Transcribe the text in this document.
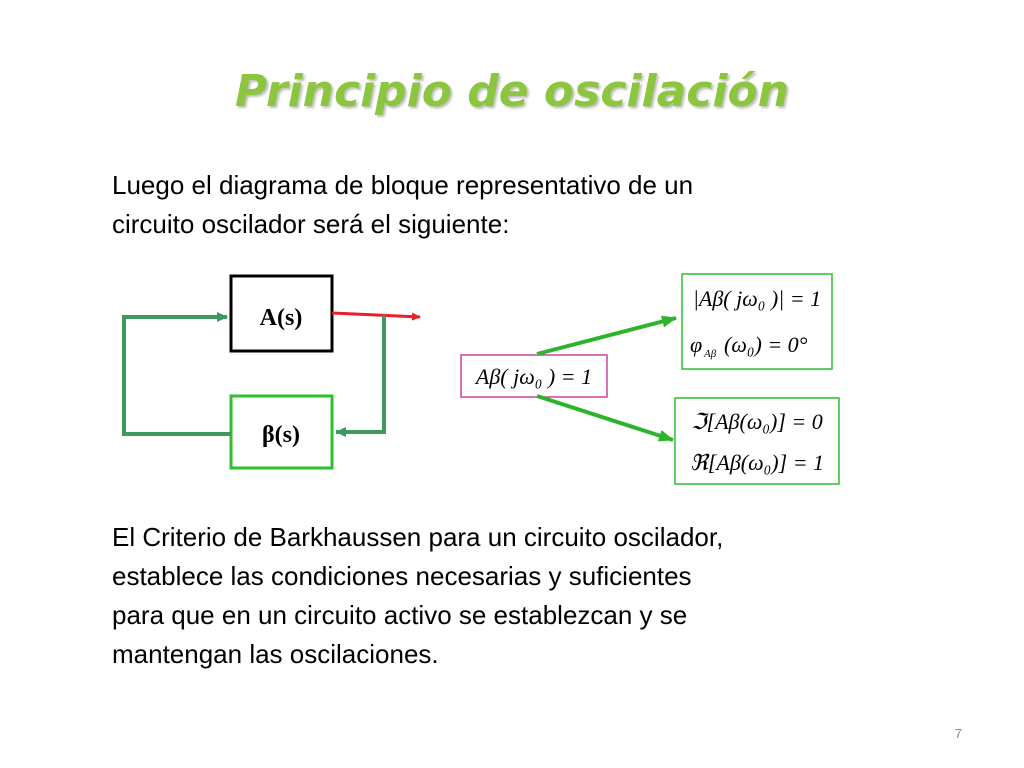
Principio de oscilación
Luego el diagrama de bloque representativo de un
circuito oscilador será el siguiente:
A(s)
β(s)
Aβ( jω₀ ) = 1
|Aβ( jω₀ )| = 1
φ Aβ (ω₀) = 0°
ℑ[Aβ(ω₀)] = 0
ℜ[Aβ(ω₀)] = 1
El Criterio de Barkhaussen para un circuito oscilador,
establece las condiciones necesarias y suficientes
para que en un circuito activo se establezcan y se
mantengan las oscilaciones.
7
